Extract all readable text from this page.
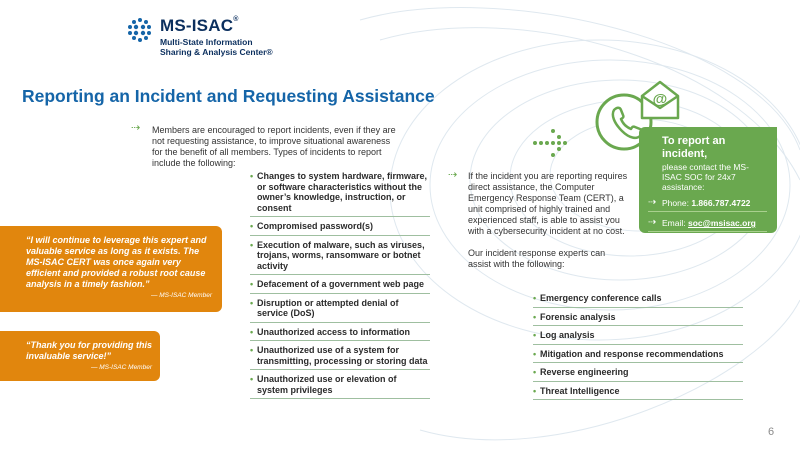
MS-ISAC®
Multi-State Information
Sharing & Analysis Center®
Reporting an Incident and Requesting Assistance
⇢ Members are encouraged to report incidents, even if they are not requesting assistance, to improve situational awareness for the benefit of all members. Types of incidents to report include the following:
• Changes to system hardware, firmware, or software characteristics without the owner’s knowledge, instruction, or consent
• Compromised password(s)
• Execution of malware, such as viruses, trojans, worms, ransomware or botnet activity
• Defacement of a government web page
• Disruption or attempted denial of service (DoS)
• Unauthorized access to information
• Unauthorized use of a system for transmitting, processing or storing data
• Unauthorized use or elevation of system privileges
“I will continue to leverage this expert and valuable service as long as it exists. The MS-ISAC CERT was once again very efficient and provided a robust root cause analysis in a timely fashion.”
— MS-ISAC Member
“Thank you for providing this invaluable service!”
— MS-ISAC Member
@
⇢ If the incident you are reporting requires direct assistance, the Computer Emergency Response Team (CERT), a unit comprised of highly trained and experienced staff, is able to assist you with a cybersecurity incident at no cost.

Our incident response experts can assist with the following:

• Emergency conference calls
• Forensic analysis
• Log analysis
• Mitigation and response recommendations
• Reverse engineering
• Threat Intelligence
To report an incident,
please contact the MS-ISAC SOC for 24x7 assistance:
⇢ Phone: 1.866.787.4722
⇢ Email: soc@msisac.org
6
